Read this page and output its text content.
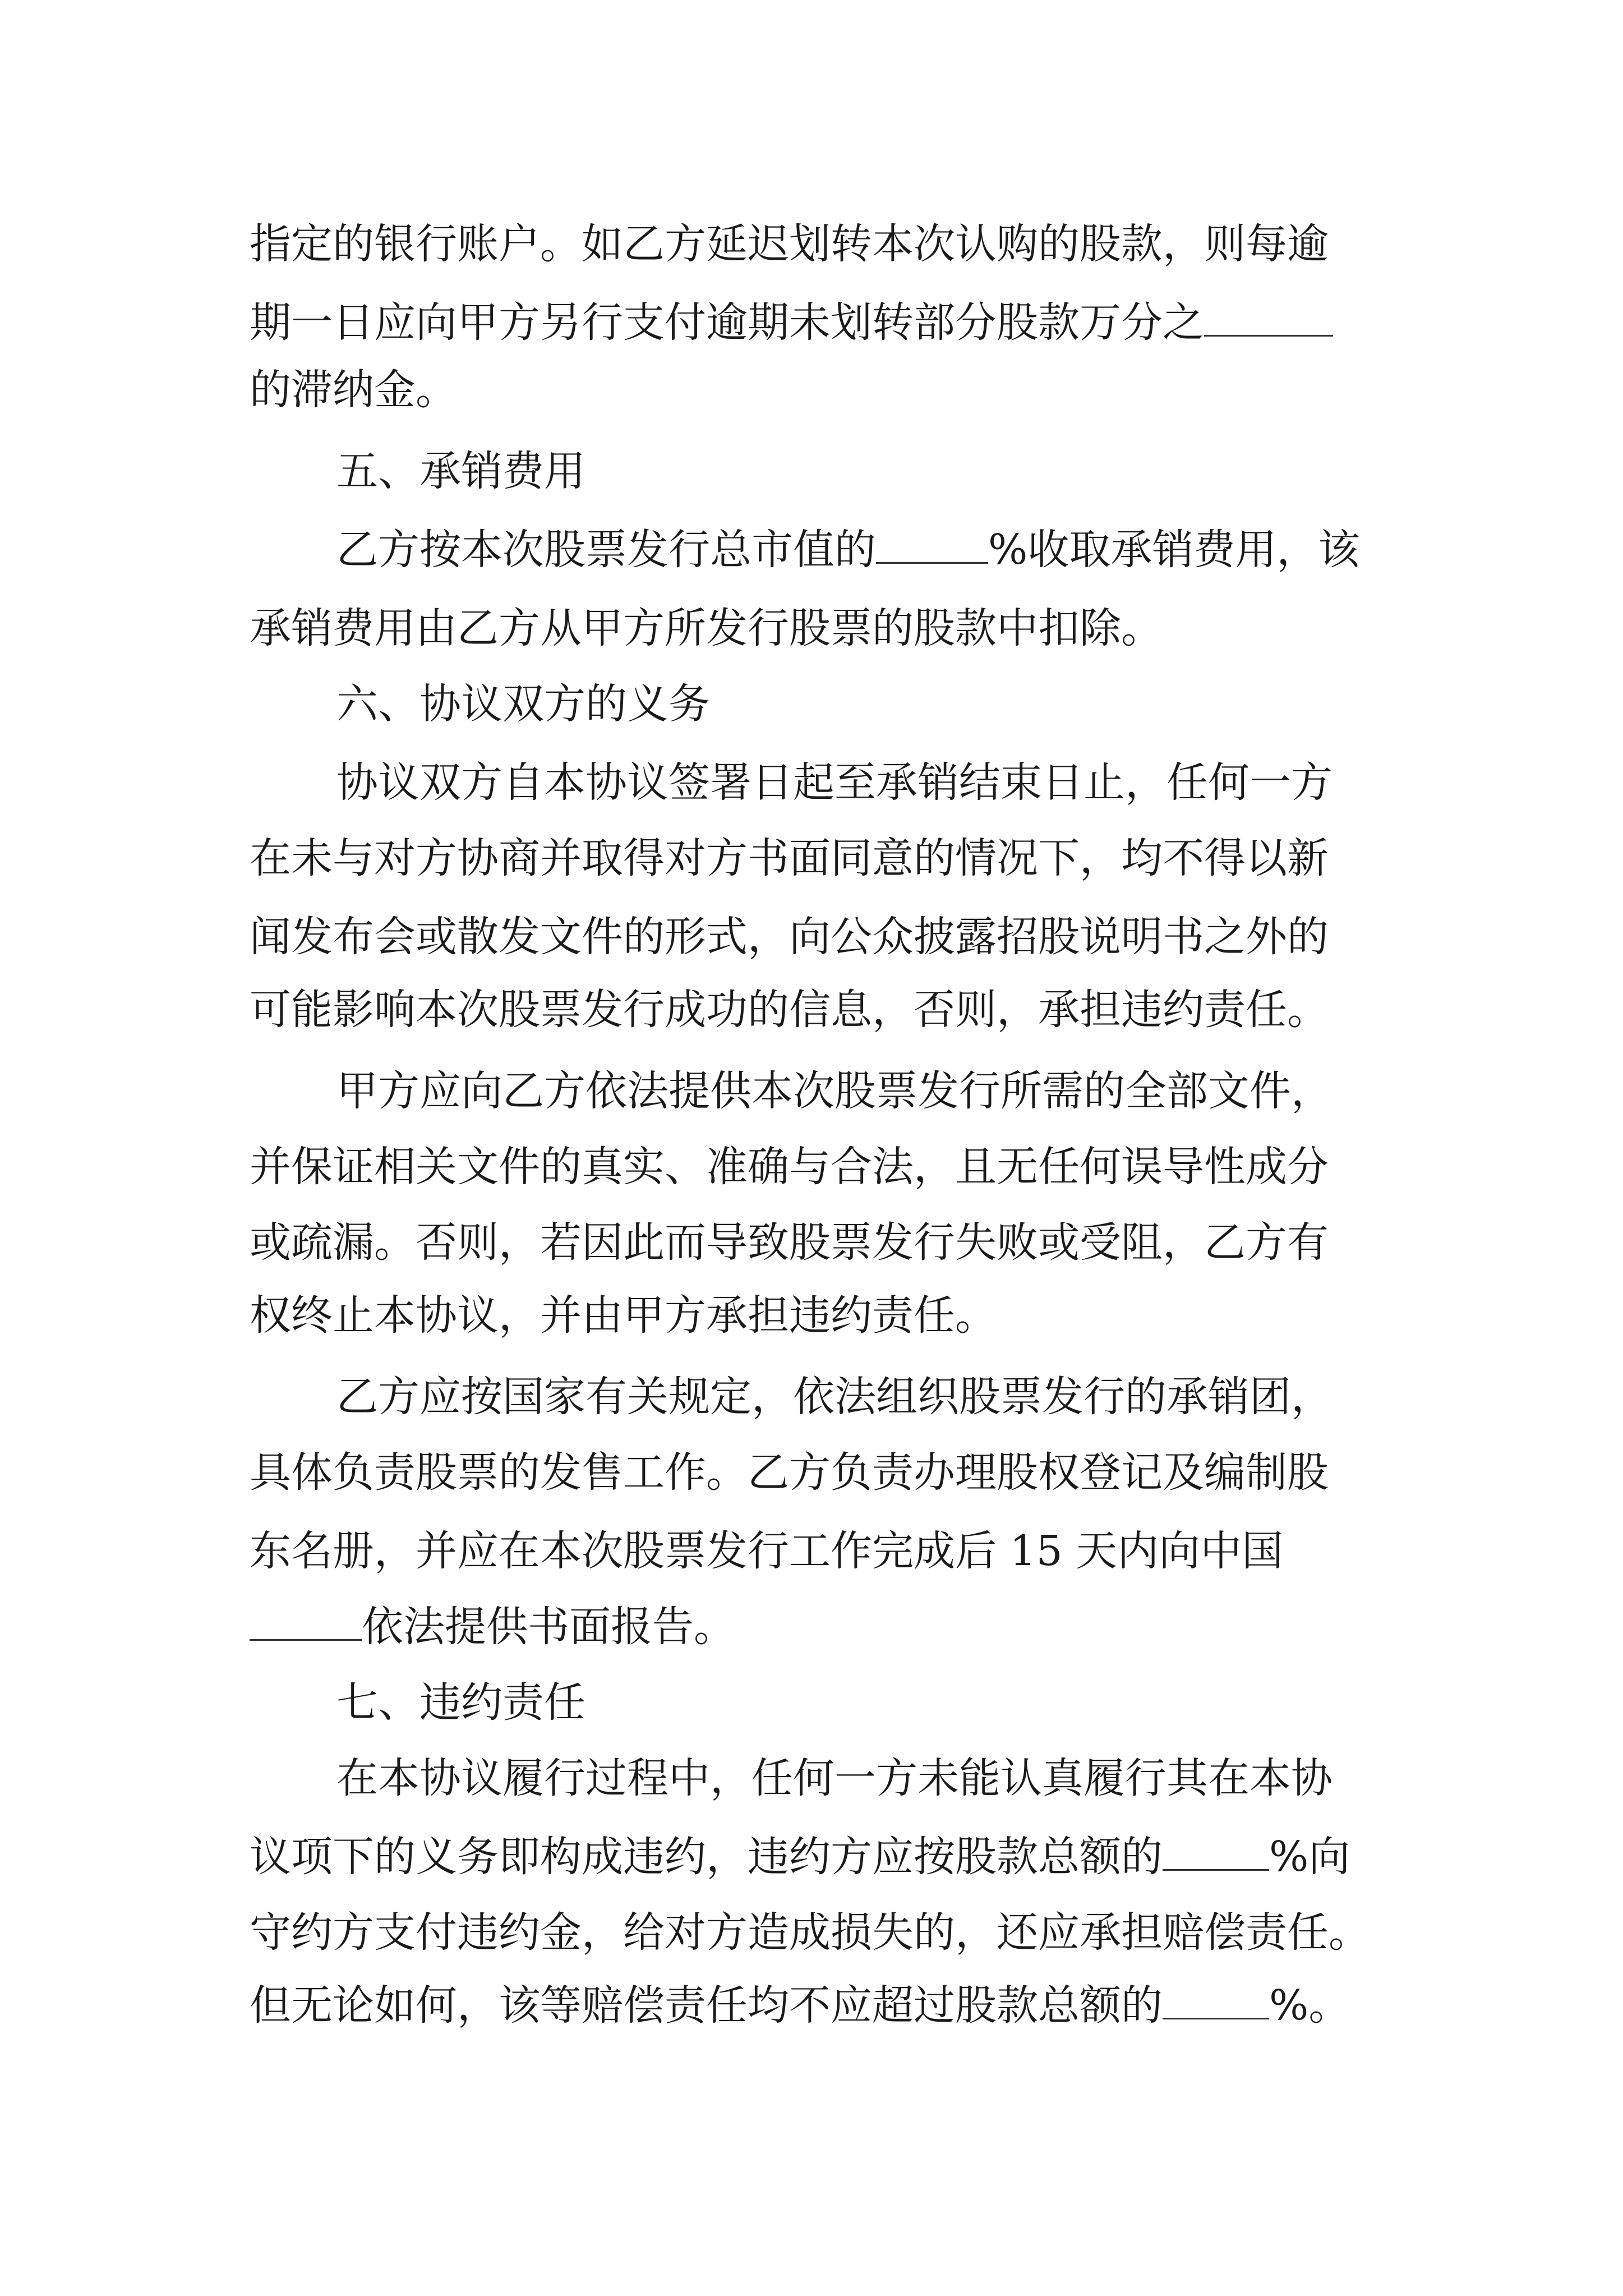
指定的银行账户。如乙方延迟划转本次认购的股款，则每逾
期一日应向甲方另行支付逾期未划转部分股款万分之
的滞纳金。
五、承销费用
乙方按本次股票发行总市值的	%收取承销费用，该
承销费用由乙方从甲方所发行股票的股款中扣除。
六、协议双方的义务
协议双方自本协议签署日起至承销结束日止，任何一方
在未与对方协商并取得对方书面同意的情况下，均不得以新
闻发布会或散发文件的形式，向公众披露招股说明书之外的
可能影响本次股票发行成功的信息，否则，承担违约责任。
甲方应向乙方依法提供本次股票发行所需的全部文件，
并保证相关文件的真实、准确与合法，且无任何误导性成分
或疏漏。否则，若因此而导致股票发行失败或受阻，乙方有
权终止本协议，并由甲方承担违约责任。
乙方应按国家有关规定，依法组织股票发行的承销团，
具体负责股票的发售工作。乙方负责办理股权登记及编制股
东名册，并应在本次股票发行工作完成后 15 天内向中国
依法提供书面报告。
七、违约责任
在本协议履行过程中，任何一方未能认真履行其在本协
议项下的义务即构成违约，违约方应按股款总额的	%向
守约方支付违约金，给对方造成损失的，还应承担赔偿责任。
但无论如何，该等赔偿责任均不应超过股款总额的	%。
